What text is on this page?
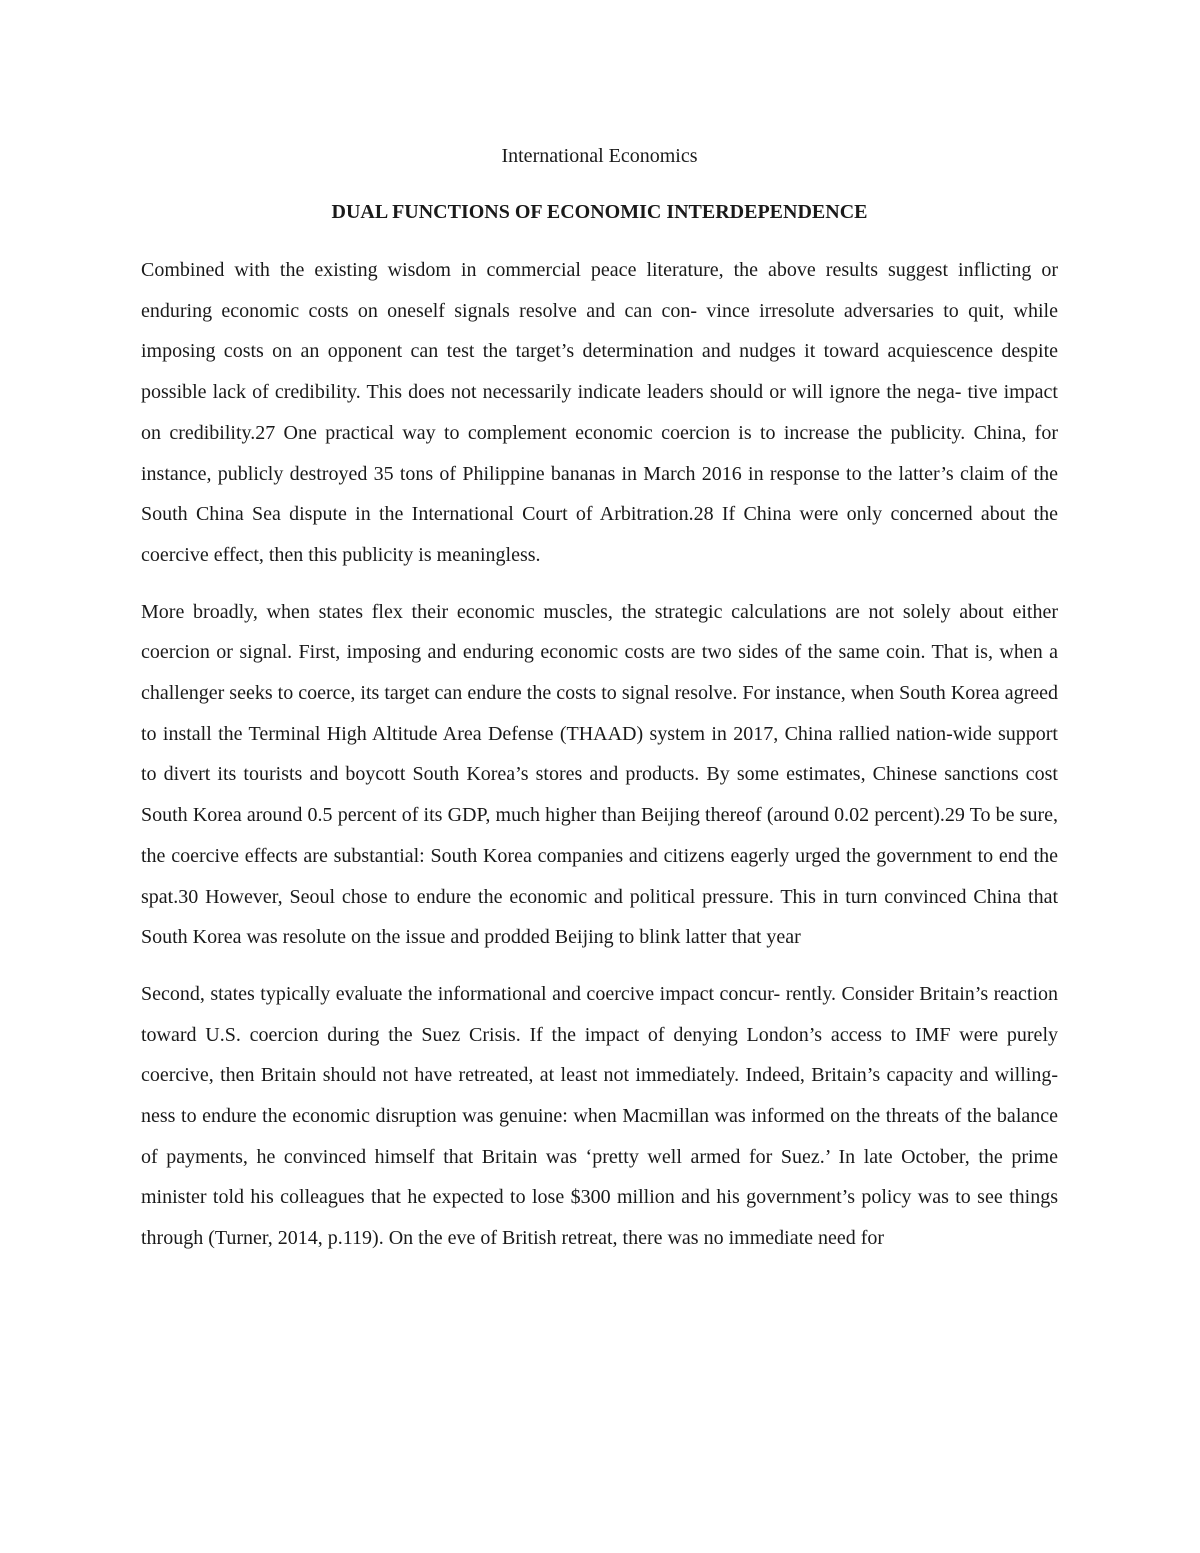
International Economics
DUAL FUNCTIONS OF ECONOMIC INTERDEPENDENCE

Combined with the existing wisdom in commercial peace literature, the above results suggest inflicting or enduring economic costs on oneself signals resolve and can con- vince irresolute adversaries to quit, while imposing costs on an opponent can test the target’s determination and nudges it toward acquiescence despite possible lack of credibility. This does not necessarily indicate leaders should or will ignore the nega- tive impact on credibility.27 One practical way to complement economic coercion is to increase the publicity. China, for instance, publicly destroyed 35 tons of Philippine bananas in March 2016 in response to the latter’s claim of the South China Sea dispute in the International Court of Arbitration.28 If China were only concerned about the coercive effect, then this publicity is meaningless.

More broadly, when states flex their economic muscles, the strategic calculations are not solely about either coercion or signal. First, imposing and enduring economic costs are two sides of the same coin. That is, when a challenger seeks to coerce, its target can endure the costs to signal resolve. For instance, when South Korea agreed to install the Terminal High Altitude Area Defense (THAAD) system in 2017, China rallied nation-wide support to divert its tourists and boycott South Korea’s stores and products. By some estimates, Chinese sanctions cost South Korea around 0.5 percent of its GDP, much higher than Beijing thereof (around 0.02 percent).29 To be sure, the coercive effects are substantial: South Korea companies and citizens eagerly urged the government to end the spat.30 However, Seoul chose to endure the economic and political pressure. This in turn convinced China that South Korea was resolute on the issue and prodded Beijing to blink latter that year

Second, states typically evaluate the informational and coercive impact concur- rently. Consider Britain’s reaction toward U.S. coercion during the Suez Crisis. If the impact of denying London’s access to IMF were purely coercive, then Britain should not have retreated, at least not immediately. Indeed, Britain’s capacity and willing- ness to endure the economic disruption was genuine: when Macmillan was informed on the threats of the balance of payments, he convinced himself that Britain was ‘pretty well armed for Suez.’ In late October, the prime minister told his colleagues that he expected to lose $300 million and his government’s policy was to see things through (Turner, 2014, p.119). On the eve of British retreat, there was no immediate need for
